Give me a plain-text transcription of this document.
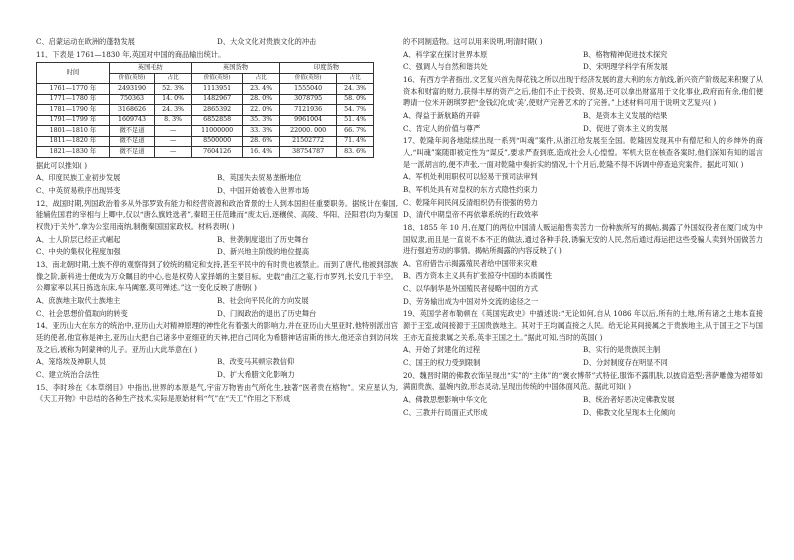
C、启蒙运动在欧洲的蓬勃发展	D、大众文化对贵族文化的冲击

11、下表是 1761—1830 年,英国对中国的商品输出统计。

时间	英国毛纺		英国货物		印度货物	
	价值(英镑)	占比	价值(英镑)	占比	价值(英镑)	占比
1761—1770 年	2493190	52. 3%	1113951	23. 4%	1555040	24. 3%
1771—1780 年	750363	14. 0%	1482967	28. 0%	3078795	58. 0%
1781—1790 年	3168626	24. 3%	2865392	22. 0%	7121936	54. 7%
1791—1799 年	1609743	8. 3%	6852858	35. 3%	9961004	51. 4%
1801—1810 年	微不足道	—	11000000	33. 3%	22000. 000	66. 7%
1811—1820 年	微不足道	—	8500000	28. 6%	21502772	71. 4%
1821—1830 年	微不足道	—	7604126	16. 4%	38754787	83. 6%

据此可以推知( )

A、印度民族工业初步发展	B、英国失去贸易垄断地位
C、中英贸易秩序出现异变	D、中国开始被卷入世界市场

12、战国时期,列国政治着多从外部罗致有能力和经营资源和政治背景的士人到本国担任重要职务。据统计在秦国,能辅佐国君的宰相与上卿中,仅以“唐么旗姓选者”,秦昭王任范雎而“废太后,逐穰侯、高陵、华阳、泾阳君(均为秦国权贵)于关外”,拿为公室用南纳,制衡秦国国家政权。材料表明( )

A、士人阶层已经正式崛起	B、世袭制度退出了历史舞台
C、中央的集权化程度加强	D、新兴地主阶级的地位提高

13、南北朝时期,士族不停的观察得到了较统的精定和支持,甚至平民中的有时贵也被禁止。而到了唐代,他被到部族像之阶,新科进士便成为万众瞩目的中心,也是权势人家择婿的主要目标。史载“曲江之宴,行市罗列,长安几于半空。公卿家率以其日拣选东床,车马阗塞,莫可殚述。”这一变化反映了唐朝( )

A、庶族地主取代士族地主	B、社会向平民化的方向发展
C、社会思想价值取向的转变	D、门阀政治的退出了历史舞台

14、亚历山大在东方的统治中,亚历山大对精神原理的神性化有着强大的影响力,并在亚历山大里亚时,他特别派出宫廷的使者,他宣称是神主,亚历山大把自己诸多中亚细亚的天神,把自己同化为希腊神话宙斯的伟大,他还亲自到访问埃及之后,被称为阿蒙神的儿子。亚历山大此举意在( )

A、笼络埃及神职人员	B、改变马其顿宗教信仰
C、建立统治合法性	D、扩大希腊文化影响力

15、李时珍在《本草纲目》中指出,世界的本原是气,宇宙万物皆由气所化生,独著“医者贵在格物”。宋应星认为,《天工开物》中总结的各种生产技术,实际是原始材料“气”在“天工”作用之下形成

的不同制造物。这可以用来说明,明清时期( )

A、科学家在探讨世界本原	B、格物精神促进技术探究
C、强调人与自然和谐共处	D、宋明理学科学有所发展

16、有西方学者指出,文艺复兴首先得花钱之所以出现于经济发展的意大利的东方航线,新兴资产阶级起来积聚了从资本和财富的财力,获得丰厚的资产之后,他们不止于投资、贸易,还可以拿出财富用于文化事业,政府而有余,他们便聘请一位米开朗琪罗把“金钱幻化成‘美’,使财产完善艺术的了完善。”上述材料可用于说明文艺复兴( )

A、得益于新航路的开辟	B、是资本主义发展的结果
C、肯定人的价值与尊严	D、促进了资本主义的发展

17、乾隆年间各地陆续出现一系列“叫魂”案件,从浙江给发展至全国。乾隆因发现其中有僧尼和人的乡绅外的商人,“叫魂”案随即被定性为“谋反”,要求严查到底,造成社会人心惶惶。军机大臣在核查各案时,他们深知有知的谣言是一派胡言的,便不声张,一面对乾隆中奏折实的情况,十个月后,乾隆不得不诉调中停查追究案件。据此可知( )

A、军机处利用职权可以轻易干预司法审判

B、军机处具有对皇权的东方式隐性约束力

C、乾隆年间民间反清组织仍有很强的势力

D、清代中期皇帝不再依靠系统的行政效率

18、1855 年 10 月,在厦门的两位中国清人贩运船售卖苦力一份种族所写的揭帖,揭露了外国奴役者在厦门成为中国奴隶,而且是一直说不本不正的做法,通过各种手段,诱骗无安的人民,然后通过海运把这些受骗人卖到外国做苦力进行强迫劳动的事情。揭帖所揭露的内容反映了( )

A、官府借告示揭露殖民者给中国带来灾难

B、西方资本主义具有扩张掠夺中国的本质属性

C、以华制华是外国殖民者侵略中国的方式

D、劳务输出成为中国对外交流的途径之一

19、英国学者布勒顿在《英国宪政史》中描述说:“无论如何,自从 1086 年以后,所有的土地,所有诸之土地本直接源于王室,或间接源于王国贵族地主。其对于王均属直接之人民。给无论其间接属之于贵族地主,从于国王之下与国王亦无直接隶属之关系,英非王国之土。”据此可知,当时的英国( )

A、开始了封建化的过程	B、实行的是贵族民主制
C、国王的权力受到限制	D、分封制度存在明显不同

20、魏晋时期的佛教衣饰呈现出“实”的“主体”的“褒衣博带”式特征,服饰不露肌肤,以披肩造型;菩萨雕像为裙带如满面贵族、温婉内敛,形态灵动,呈现出传统的中国体面风范。据此可知( )

A、佛教思想影响中华文化	B、统治者好恶决定佛教发展
C、三教并行局面正式形成	D、佛教文化呈现本土化倾向
